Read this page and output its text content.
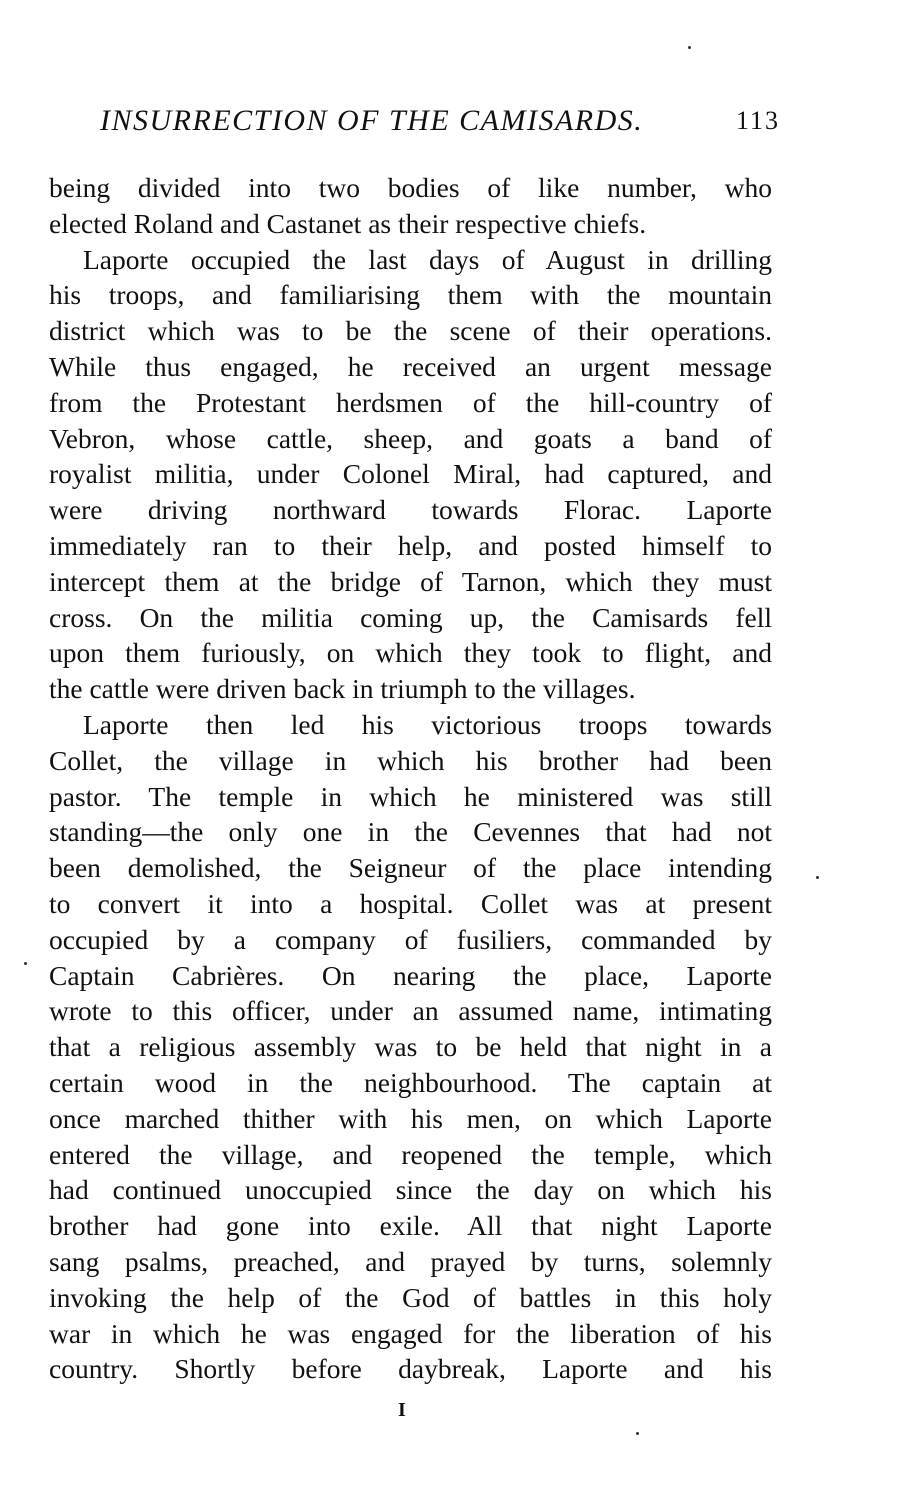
INSURRECTION OF THE CAMISARDS.	113
being divided into two bodies of like number, who
elected Roland and Castanet as their respective chiefs.
Laporte occupied the last days of August in drilling
his troops, and familiarising them with the mountain
district which was to be the scene of their operations.
While thus engaged, he received an urgent message
from the Protestant herdsmen of the hill-country of
Vebron, whose cattle, sheep, and goats a band of
royalist militia, under Colonel Miral, had captured, and
were driving northward towards Florac. Laporte
immediately ran to their help, and posted himself to
intercept them at the bridge of Tarnon, which they must
cross. On the militia coming up, the Camisards fell
upon them furiously, on which they took to flight, and
the cattle were driven back in triumph to the villages.
Laporte then led his victorious troops towards
Collet, the village in which his brother had been
pastor. The temple in which he ministered was still
standing—the only one in the Cevennes that had not
been demolished, the Seigneur of the place intending
to convert it into a hospital. Collet was at present
occupied by a company of fusiliers, commanded by
Captain Cabrières. On nearing the place, Laporte
wrote to this officer, under an assumed name, intimating
that a religious assembly was to be held that night in a
certain wood in the neighbourhood. The captain at
once marched thither with his men, on which Laporte
entered the village, and reopened the temple, which
had continued unoccupied since the day on which his
brother had gone into exile. All that night Laporte
sang psalms, preached, and prayed by turns, solemnly
invoking the help of the God of battles in this holy
war in which he was engaged for the liberation of his
country. Shortly before daybreak, Laporte and his
I
